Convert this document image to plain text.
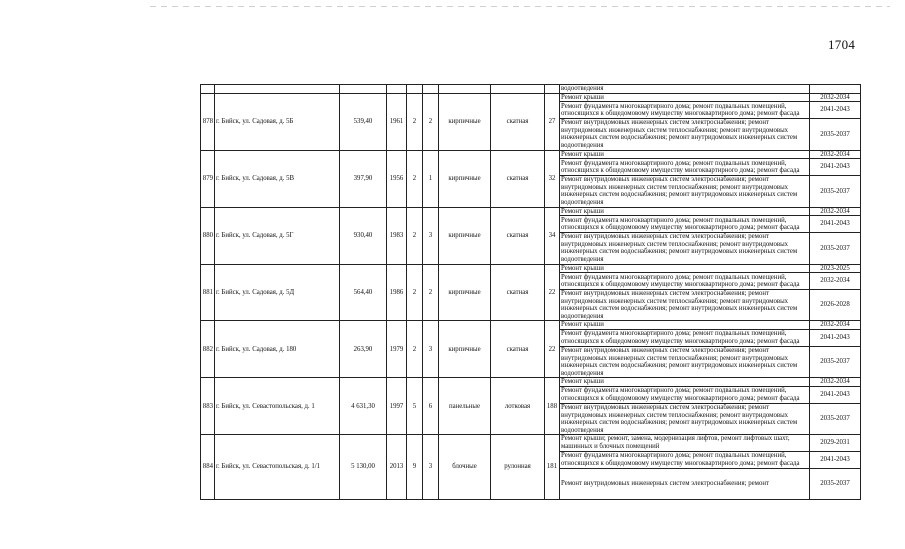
1704
									водоотведения	
878	г. Бийск, ул. Садовая, д. 5Б	539,40	1961	2	2	кирпичные	скатная	27	Ремонт крыши	2032-2034
									Ремонт фундамента многоквартирного дома; ремонт подвальных помещений, относящихся к общедомовому имуществу многоквартирного дома; ремонт фасада	2041-2043
									Ремонт внутридомовых инженерных систем электроснабжения; ремонт внутридомовых инженерных систем теплоснабжения; ремонт внутридомовых инженерных систем водоснабжения; ремонт внутридомовых инженерных систем водоотведения	2035-2037
879	г. Бийск, ул. Садовая, д. 5В	397,90	1956	2	1	кирпичные	скатная	32	Ремонт крыши	2032-2034
									Ремонт фундамента многоквартирного дома; ремонт подвальных помещений, относящихся к общедомовому имуществу многоквартирного дома; ремонт фасада	2041-2043
									Ремонт внутридомовых инженерных систем электроснабжения; ремонт внутридомовых инженерных систем теплоснабжения; ремонт внутридомовых инженерных систем водоснабжения; ремонт внутридомовых инженерных систем водоотведения	2035-2037
880	г. Бийск, ул. Садовая, д. 5Г	930,40	1983	2	3	кирпичные	скатная	34	Ремонт крыши	2032-2034
									Ремонт фундамента многоквартирного дома; ремонт подвальных помещений, относящихся к общедомовому имуществу многоквартирного дома; ремонт фасада	2041-2043
									Ремонт внутридомовых инженерных систем электроснабжения; ремонт внутридомовых инженерных систем теплоснабжения; ремонт внутридомовых инженерных систем водоснабжения; ремонт внутридомовых инженерных систем водоотведения	2035-2037
881	г. Бийск, ул. Садовая, д. 5Д	564,40	1986	2	2	кирпичные	скатная	22	Ремонт крыши	2023-2025
									Ремонт фундамента многоквартирного дома; ремонт подвальных помещений, относящихся к общедомовому имуществу многоквартирного дома; ремонт фасада	2032-2034
									Ремонт внутридомовых инженерных систем электроснабжения; ремонт внутридомовых инженерных систем теплоснабжения; ремонт внутридомовых инженерных систем водоснабжения; ремонт внутридомовых инженерных систем водоотведения	2026-2028
882	г. Бийск, ул. Садовая, д. 180	263,90	1979	2	3	кирпичные	скатная	22	Ремонт крыши	2032-2034
									Ремонт фундамента многоквартирного дома; ремонт подвальных помещений, относящихся к общедомовому имуществу многоквартирного дома; ремонт фасада	2041-2043
									Ремонт внутридомовых инженерных систем электроснабжения; ремонт внутридомовых инженерных систем теплоснабжения; ремонт внутридомовых инженерных систем водоснабжения; ремонт внутридомовых инженерных систем водоотведения	2035-2037
883	г. Бийск, ул. Севастопольская, д. 1	4 631,30	1997	5	6	панельные	лотковая	188	Ремонт крыши	2032-2034
									Ремонт фундамента многоквартирного дома; ремонт подвальных помещений, относящихся к общедомовому имуществу многоквартирного дома; ремонт фасада	2041-2043
									Ремонт внутридомовых инженерных систем электроснабжения; ремонт внутридомовых инженерных систем теплоснабжения; ремонт внутридомовых инженерных систем водоснабжения; ремонт внутридомовых инженерных систем водоотведения	2035-2037
884	г. Бийск, ул. Севастопольская, д. 1/1	5 130,00	2013	9	3	блочные	рулонная	181	Ремонт крыши; ремонт, замена, модернизация лифтов, ремонт лифтовых шахт, машинных и блочных помещений	2029-2031
									Ремонт фундамента многоквартирного дома; ремонт подвальных помещений, относящихся к общедомовому имуществу многоквартирного дома; ремонт фасада	2041-2043
									Ремонт внутридомовых инженерных систем электроснабжения; ремонт	2035-2037
